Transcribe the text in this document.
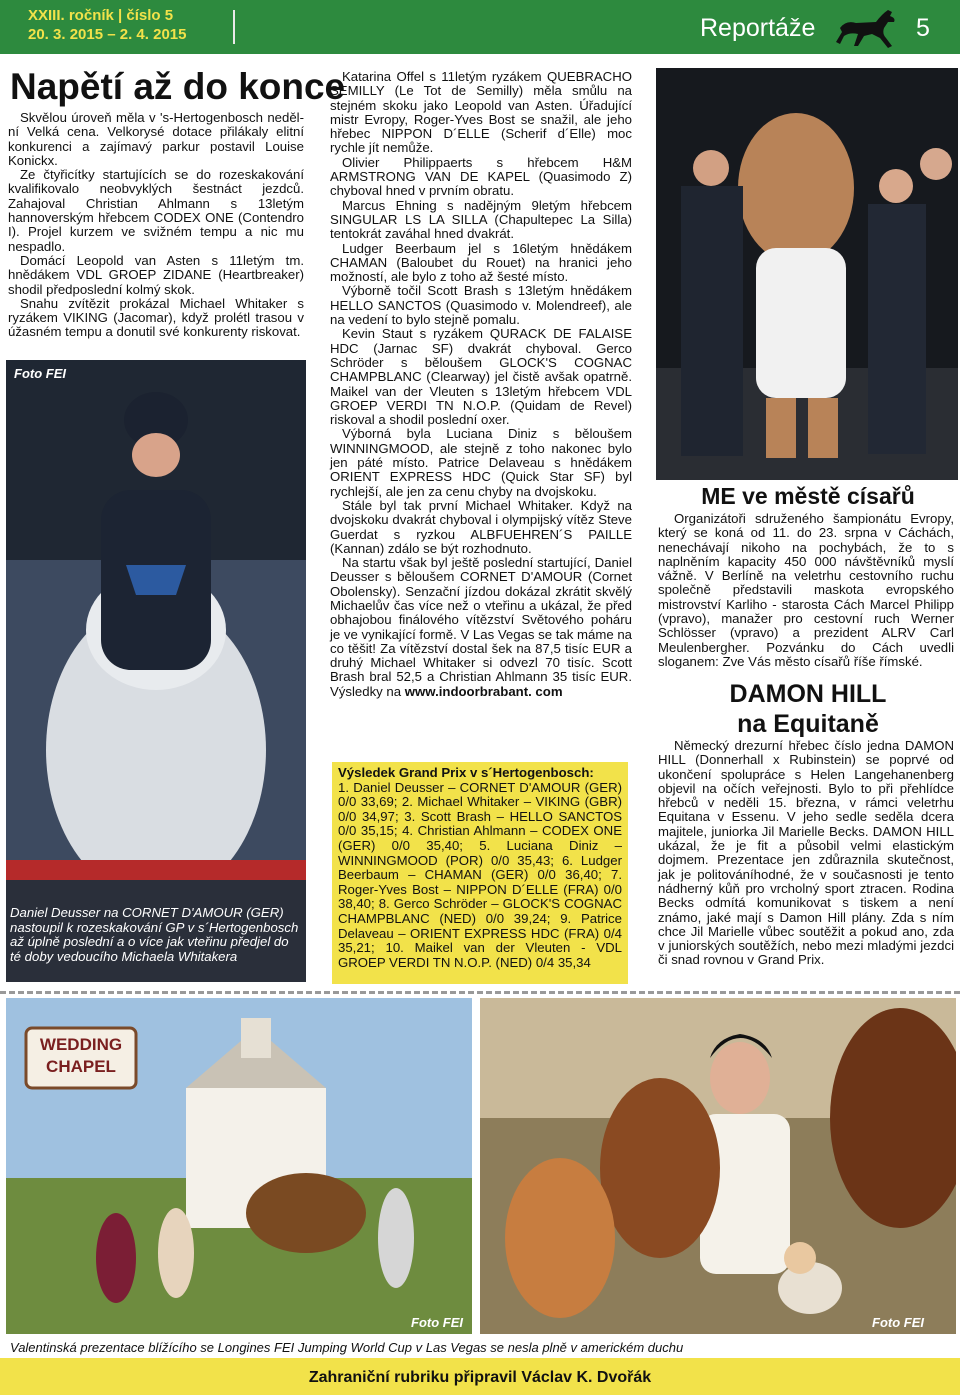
XXIII. ročník | číslo 5
20. 3. 2015 – 2. 4. 2015	Reportáže	5
Napětí až do konce

Skvělou úroveň měla v 's-Hertogenbosch nedělní Velká cena. Velkorysé dotace přilákaly elitní konkurenci a zajímavý parkur postavil Louise Konickx.

Ze čtyřicítky startujících se do rozeskakování kvalifikovalo neobvyklých šestnáct jezdců. Zahajoval Christian Ahlmann s 13letým hannoverským hřebcem CODEX ONE (Contendro I). Projel kurzem ve svižném tempu a nic mu nespadlo.

Domácí Leopold van Asten s 11letým tm. hnědákem VDL GROEP ZIDANE (Heartbreaker) shodil předposlední kolmý skok.

Snahu zvítězit prokázal Michael Whitaker s ryzákem VIKING (Jacomar), když prolétl trasou v úžasném tempu a donutil své konkurenty riskovat.

Foto FEI
Daniel Deusser na CORNET D'AMOUR (GER) nastoupil k rozeskakování GP v s´Hertogenbosch až úplně poslední a o více jak vteřinu předjel do té doby vedoucího Michaela Whitakera

Katarina Offel s 11letým ryzákem QUEBRACHO SEMILLY (Le Tot de Semilly) měla smůlu na stejném skoku jako Leopold van Asten. Úřadující mistr Evropy, Roger-Yves Bost se snažil, ale jeho hřebec NIPPON D´ELLE (Scherif d´Elle) moc rychle jít nemůže.

Olivier Philippaerts s hřebcem H&M ARMSTRONG VAN DE KAPEL (Quasimodo Z) chyboval hned v prvním obratu.

Marcus Ehning s nadějným 9letým hřebcem SINGULAR LS LA SILLA (Chapultepec La Silla) tentokrát zaváhal hned dvakrát.

Ludger Beerbaum jel s 16letým hnědákem CHAMAN (Baloubet du Rouet) na hranici jeho možností, ale bylo z toho až šesté místo.

Výborně točil Scott Brash s 13letým hnědákem HELLO SANCTOS (Quasimodo v. Molendreef), ale na vedení to bylo stejně pomalu.

Kevin Staut s ryzákem QURACK DE FALAISE HDC (Jarnac SF) dvakrát chyboval. Gerco Schröder s běloušem GLOCK'S COGNAC CHAMPBLANC (Clearway) jel čistě avšak opatrně. Maikel van der Vleuten s 13letým hřebcem VDL GROEP VERDI TN N.O.P. (Quidam de Revel) riskoval a shodil poslední oxer.

Výborná byla Luciana Diniz s běloušem WINNINGMOOD, ale stejně z toho nakonec bylo jen páté místo. Patrice Delaveau s hnědákem ORIENT EXPRESS HDC (Quick Star SF) byl rychlejší, ale jen za cenu chyby na dvojskoku.

Stále byl tak první Michael Whitaker. Když na dvojskoku dvakrát chyboval i olympijský vítěz Steve Guerdat s ryzkou ALBFUEHREN´S PAILLE (Kannan) zdálo se být rozhodnuto.

Na startu však byl ještě poslední startující, Daniel Deusser s běloušem CORNET D'AMOUR (Cornet Obolensky). Senzační jízdou dokázal zkrátit skvělý Michaelův čas více než o vteřinu a ukázal, že před obhajobou finálového vítězství Světového poháru je ve vynikající formě. V Las Vegas se tak máme na co těšit! Za vítězství dostal šek na 87,5 tisíc EUR a druhý Michael Whitaker si odvezl 70 tisíc. Scott Brash bral 52,5 a Christian Ahlmann 35 tisíc EUR. Výsledky na www.indoorbrabant. com

Výsledek Grand Prix v s´Hertogenbosch:
1. Daniel Deusser – CORNET D'AMOUR (GER) 0/0 33,69; 2. Michael Whitaker – VIKING (GBR) 0/0 34,97; 3. Scott Brash – HELLO SANCTOS 0/0 35,15; 4. Christian Ahlmann – CODEX ONE (GER) 0/0 35,40; 5. Luciana Diniz – WINNINGMOOD (POR) 0/0 35,43; 6. Ludger Beerbaum – CHAMAN (GER) 0/0 36,40; 7. Roger-Yves Bost – NIPPON D´ELLE (FRA) 0/0 38,40; 8. Gerco Schröder – GLOCK'S COGNAC CHAMPBLANC (NED) 0/0 39,24; 9. Patrice Delaveau – ORIENT EXPRESS HDC (FRA) 0/4 35,21; 10. Maikel van der Vleuten - VDL GROEP VERDI TN N.O.P. (NED) 0/4 35,34
ME ve městě císařů
Organizátoři sdruženého šampionátu Evropy, který se koná od 11. do 23. srpna v Cáchách, nenechávají nikoho na pochybách, že to s naplněním kapacity 450 000 návštěvníků myslí vážně. V Berlíně na veletrhu cestovního ruchu společně představili maskota evropského mistrovství Karliho - starosta Cách Marcel Philipp (vpravo), manažer pro cestovní ruch Werner Schlösser (vpravo) a prezident ALRV Carl Meulenbergher. Pozvánku do Cách uvedli sloganem: Zve Vás město císařů říše římské.
DAMON HILL
na Equitaně
Německý drezurní hřebec číslo jedna DAMON HILL (Donnerhall x Rubinstein) se poprvé od ukončení spolupráce s Helen Langehanenberg objevil na očích veřejnosti. Bylo to při přehlídce hřebců v neděli 15. března, v rámci veletrhu Equitana v Essenu. V jeho sedle seděla dcera majitele, juniorka Jil Marielle Becks. DAMON HILL ukázal, že je fit a působil velmi elastickým dojmem. Prezentace jen zdůraznila skutečnost, jak je politováníhodné, že v současnosti je tento nádherný kůň pro vrcholný sport ztracen. Rodina Becks odmítá komunikovat s tiskem a není známo, jaké mají s Damon Hill plány. Zda s ním chce Jil Marielle vůbec soutěžit a pokud ano, zda v juniorských soutěžích, nebo mezi mladými jezdci či snad rovnou v Grand Prix.
WEDDING CHAPEL
Foto FEI	Foto FEI
Valentinská prezentace blížícího se Longines FEI Jumping World Cup v Las Vegas se nesla plně v americkém duchu
Zahraniční rubriku připravil Václav K. Dvořák
